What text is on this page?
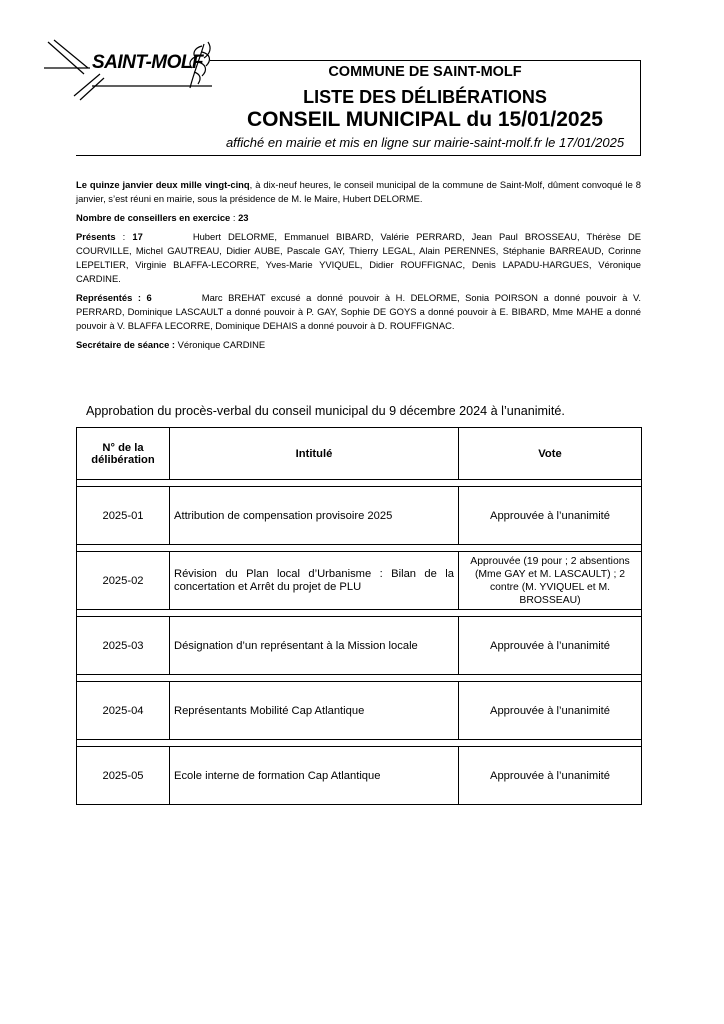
SAINT-MOLF	COMMUNE DE SAINT-MOLF
LISTE DES DÉLIBÉRATIONS
CONSEIL MUNICIPAL du 15/01/2025
affiché en mairie et mis en ligne sur mairie-saint-molf.fr le 17/01/2025

Le quinze janvier deux mille vingt-cinq, à dix-neuf heures, le conseil municipal de la commune de Saint-Molf, dûment convoqué le 8 janvier, s’est réuni en mairie, sous la présidence de M. le Maire, Hubert DELORME.

Nombre de conseillers en exercice : 23

Présents : 17	Hubert DELORME, Emmanuel BIBARD, Valérie PERRARD, Jean Paul BROSSEAU, Thérèse DE COURVILLE, Michel GAUTREAU, Didier AUBE, Pascale GAY, Thierry LEGAL, Alain PERENNES, Stéphanie BARREAUD, Corinne LEPELTIER, Virginie BLAFFA-LECORRE, Yves-Marie YVIQUEL, Didier ROUFFIGNAC, Denis LAPADU-HARGUES, Véronique CARDINE.

Représentés : 6	Marc BREHAT excusé a donné pouvoir à H. DELORME, Sonia POIRSON a donné pouvoir à V. PERRARD, Dominique LASCAULT a donné pouvoir à P. GAY, Sophie DE GOYS a donné pouvoir à E. BIBARD, Mme MAHE a donné pouvoir à V. BLAFFA LECORRE, Dominique DEHAIS a donné pouvoir à D. ROUFFIGNAC.

Secrétaire de séance : Véronique CARDINE

Approbation du procès-verbal du conseil municipal du 9 décembre 2024 à l’unanimité.
N° de la
délibération	Intitulé	Vote

2025-01	Attribution de compensation provisoire 2025	Approuvée à l’unanimité

2025-02	Révision du Plan local d’Urbanisme : Bilan de la concertation et Arrêt du projet de PLU	Approuvée (19 pour ; 2 absentions (Mme GAY et M. LASCAULT) ; 2 contre (M. YVIQUEL et M. BROSSEAU)

2025-03	Désignation d’un représentant à la Mission locale	Approuvée à l’unanimité

2025-04	Représentants Mobilité Cap Atlantique	Approuvée à l’unanimité

2025-05	Ecole interne de formation Cap Atlantique	Approuvée à l’unanimité
